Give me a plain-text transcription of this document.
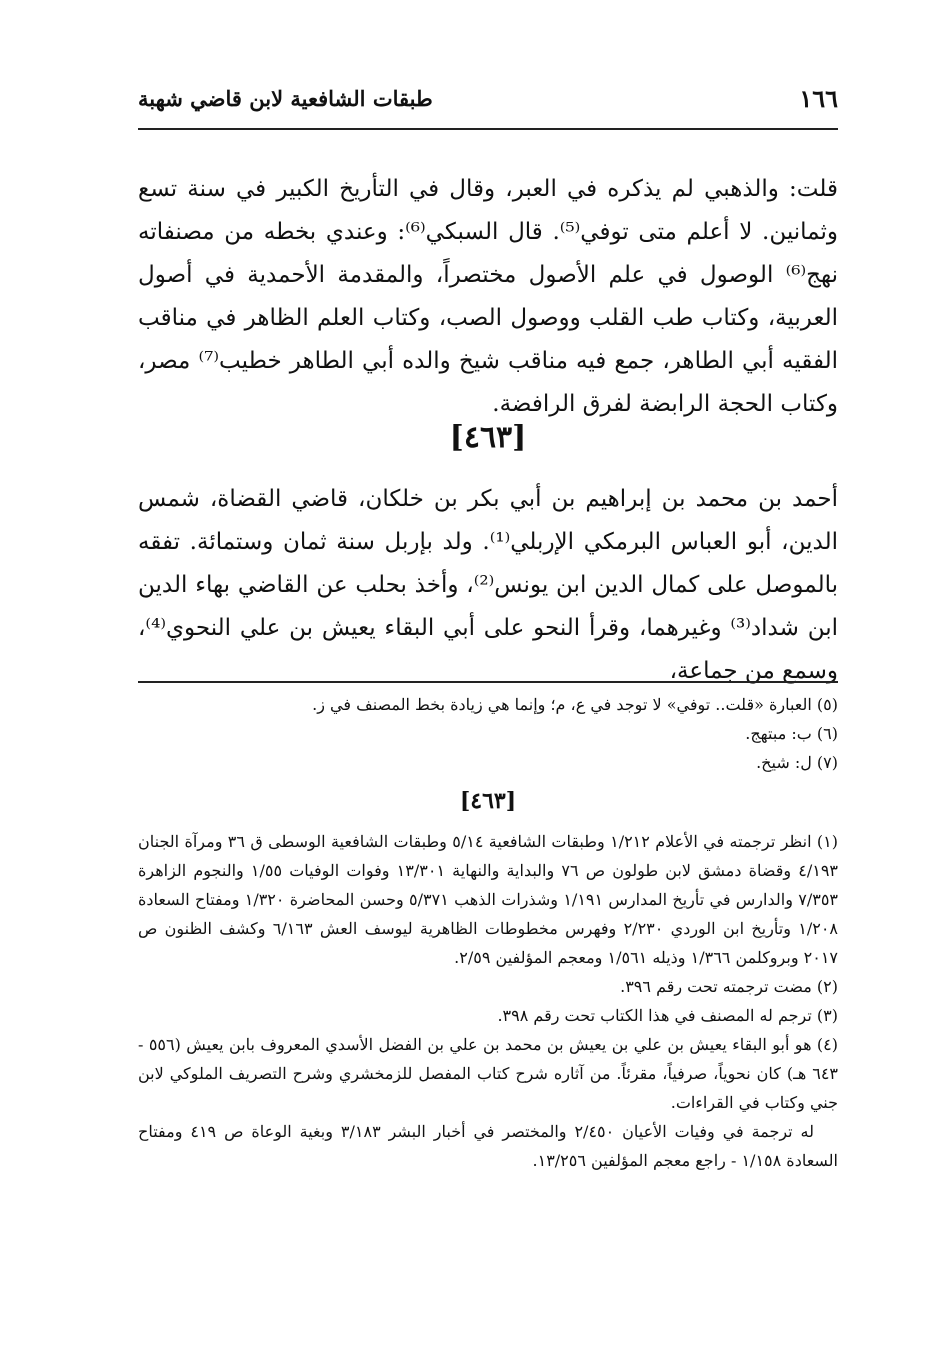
١٦٦
طبقات الشافعية لابن قاضي شهبة

قلت: والذهبي لم يذكره في العبر، وقال في التأريخ الكبير في سنة تسع وثمانين. لا أعلم متى توفي⁽⁵⁾. قال السبكي⁽⁶⁾: وعندي بخطه من مصنفاته نهج⁽⁶⁾ الوصول في علم الأصول مختصراً، والمقدمة الأحمدية في أصول العربية، وكتاب طب القلب ووصول الصب، وكتاب العلم الظاهر في مناقب الفقيه أبي الطاهر، جمع فيه مناقب شيخ والده أبي الطاهر خطيب⁽⁷⁾ مصر، وكتاب الحجة الرابضة لفرق الرافضة.

[٤٦٣]

أحمد بن محمد بن إبراهيم بن أبي بكر بن خلكان، قاضي القضاة، شمس الدين، أبو العباس البرمكي الإربلي⁽¹⁾. ولد بإربل سنة ثمان وستمائة. تفقه بالموصل على كمال الدين ابن يونس⁽²⁾، وأخذ بحلب عن القاضي بهاء الدين ابن شداد⁽³⁾ وغيرهما، وقرأ النحو على أبي البقاء يعيش بن علي النحوي⁽⁴⁾، وسمع من جماعة،

(٥) العبارة «قلت.. توفي» لا توجد في ع، م؛ وإنما هي زيادة بخط المصنف في ز.

(٦) ب: مبتهج.

(٧) ل: شيخ.

[٤٦٣]

(١) انظر ترجمته في الأعلام ١/٢١٢ وطبقات الشافعية ٥/١٤ وطبقات الشافعية الوسطى ق ٣٦ ومرآة الجنان ٤/١٩٣ وقضاة دمشق لابن طولون ص ٧٦ والبداية والنهاية ١٣/٣٠١ وفوات الوفيات ١/٥٥ والنجوم الزاهرة ٧/٣٥٣ والدارس في تأريخ المدارس ١/١٩١ وشذرات الذهب ٥/٣٧١ وحسن المحاضرة ١/٣٢٠ ومفتاح السعادة ١/٢٠٨ وتأريخ ابن الوردي ٢/٢٣٠ وفهرس مخطوطات الظاهرية ليوسف العش ٦/١٦٣ وكشف الظنون ص ٢٠١٧ وبروكلمن ١/٣٦٦ وذيله ١/٥٦١ ومعجم المؤلفين ٢/٥٩.

(٢) مضت ترجمته تحت رقم ٣٩٦.

(٣) ترجم له المصنف في هذا الكتاب تحت رقم ٣٩٨.

(٤) هو أبو البقاء يعيش بن علي بن يعيش بن محمد بن علي بن الفضل الأسدي المعروف بابن يعيش (٥٥٦ - ٦٤٣ هـ) كان نحوياً، صرفياً، مقرئاً. من آثاره شرح كتاب المفصل للزمخشري وشرح التصريف الملوكي لابن جني وكتاب في القراءات.

له ترجمة في وفيات الأعيان ٢/٤٥٠ والمختصر في أخبار البشر ٣/١٨٣ وبغية الوعاة ص ٤١٩ ومفتاح السعادة ١/١٥٨ - راجع معجم المؤلفين ١٣/٢٥٦.
